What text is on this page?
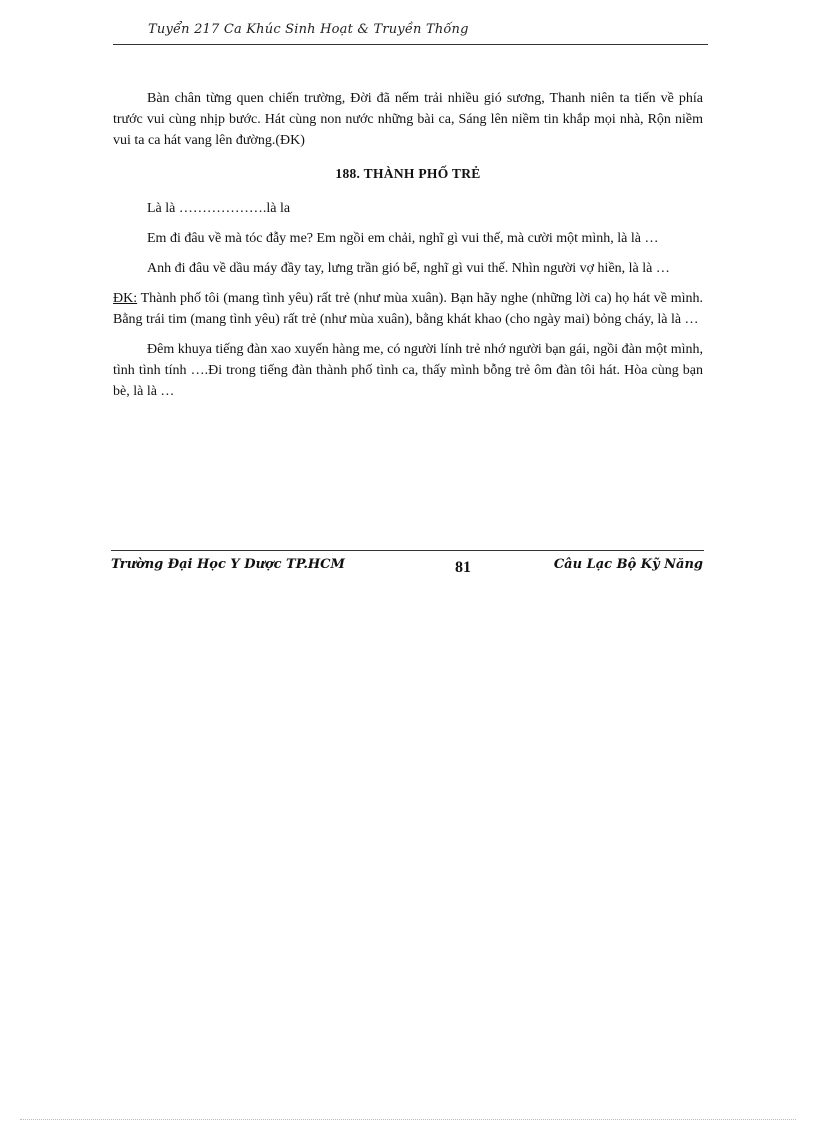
Tuyển 217 Ca Khúc Sinh Hoạt & Truyền Thống

Bàn chân từng quen chiến trường, Đời đã nếm trải nhiều gió sương, Thanh niên ta tiến về phía trước vui cùng nhịp bước. Hát cùng non nước những bài ca, Sáng lên niềm tin khắp mọi nhà, Rộn niềm vui ta ca hát vang lên đường.(ĐK)

188. THÀNH PHỐ TRẺ

Là là ……………….là la

Em đi đâu về mà tóc đẫy me? Em ngồi em chải, nghĩ gì vui thế, mà cười một mình, là là …

Anh đi đâu về dầu máy đầy tay, lưng trần gió bể, nghĩ gì vui thế. Nhìn người vợ hiền, là là …

ĐK: Thành phố tôi (mang tình yêu) rất trẻ (như mùa xuân). Bạn hãy nghe (những lời ca) họ hát về mình. Bằng trái tim (mang tình yêu) rất trẻ (như mùa xuân), bằng khát khao (cho ngày mai) bỏng cháy, là là …

Đêm khuya tiếng đàn xao xuyến hàng me, có người lính trẻ nhớ người bạn gái, ngồi đàn một mình, tình tình tính ….Đi trong tiếng đàn thành phố tình ca, thấy mình bỗng trẻ ôm đàn tôi hát. Hòa cùng bạn bè, là là …

Trường Đại Học Y Dược TP.HCM	81	Câu Lạc Bộ Kỹ Năng
